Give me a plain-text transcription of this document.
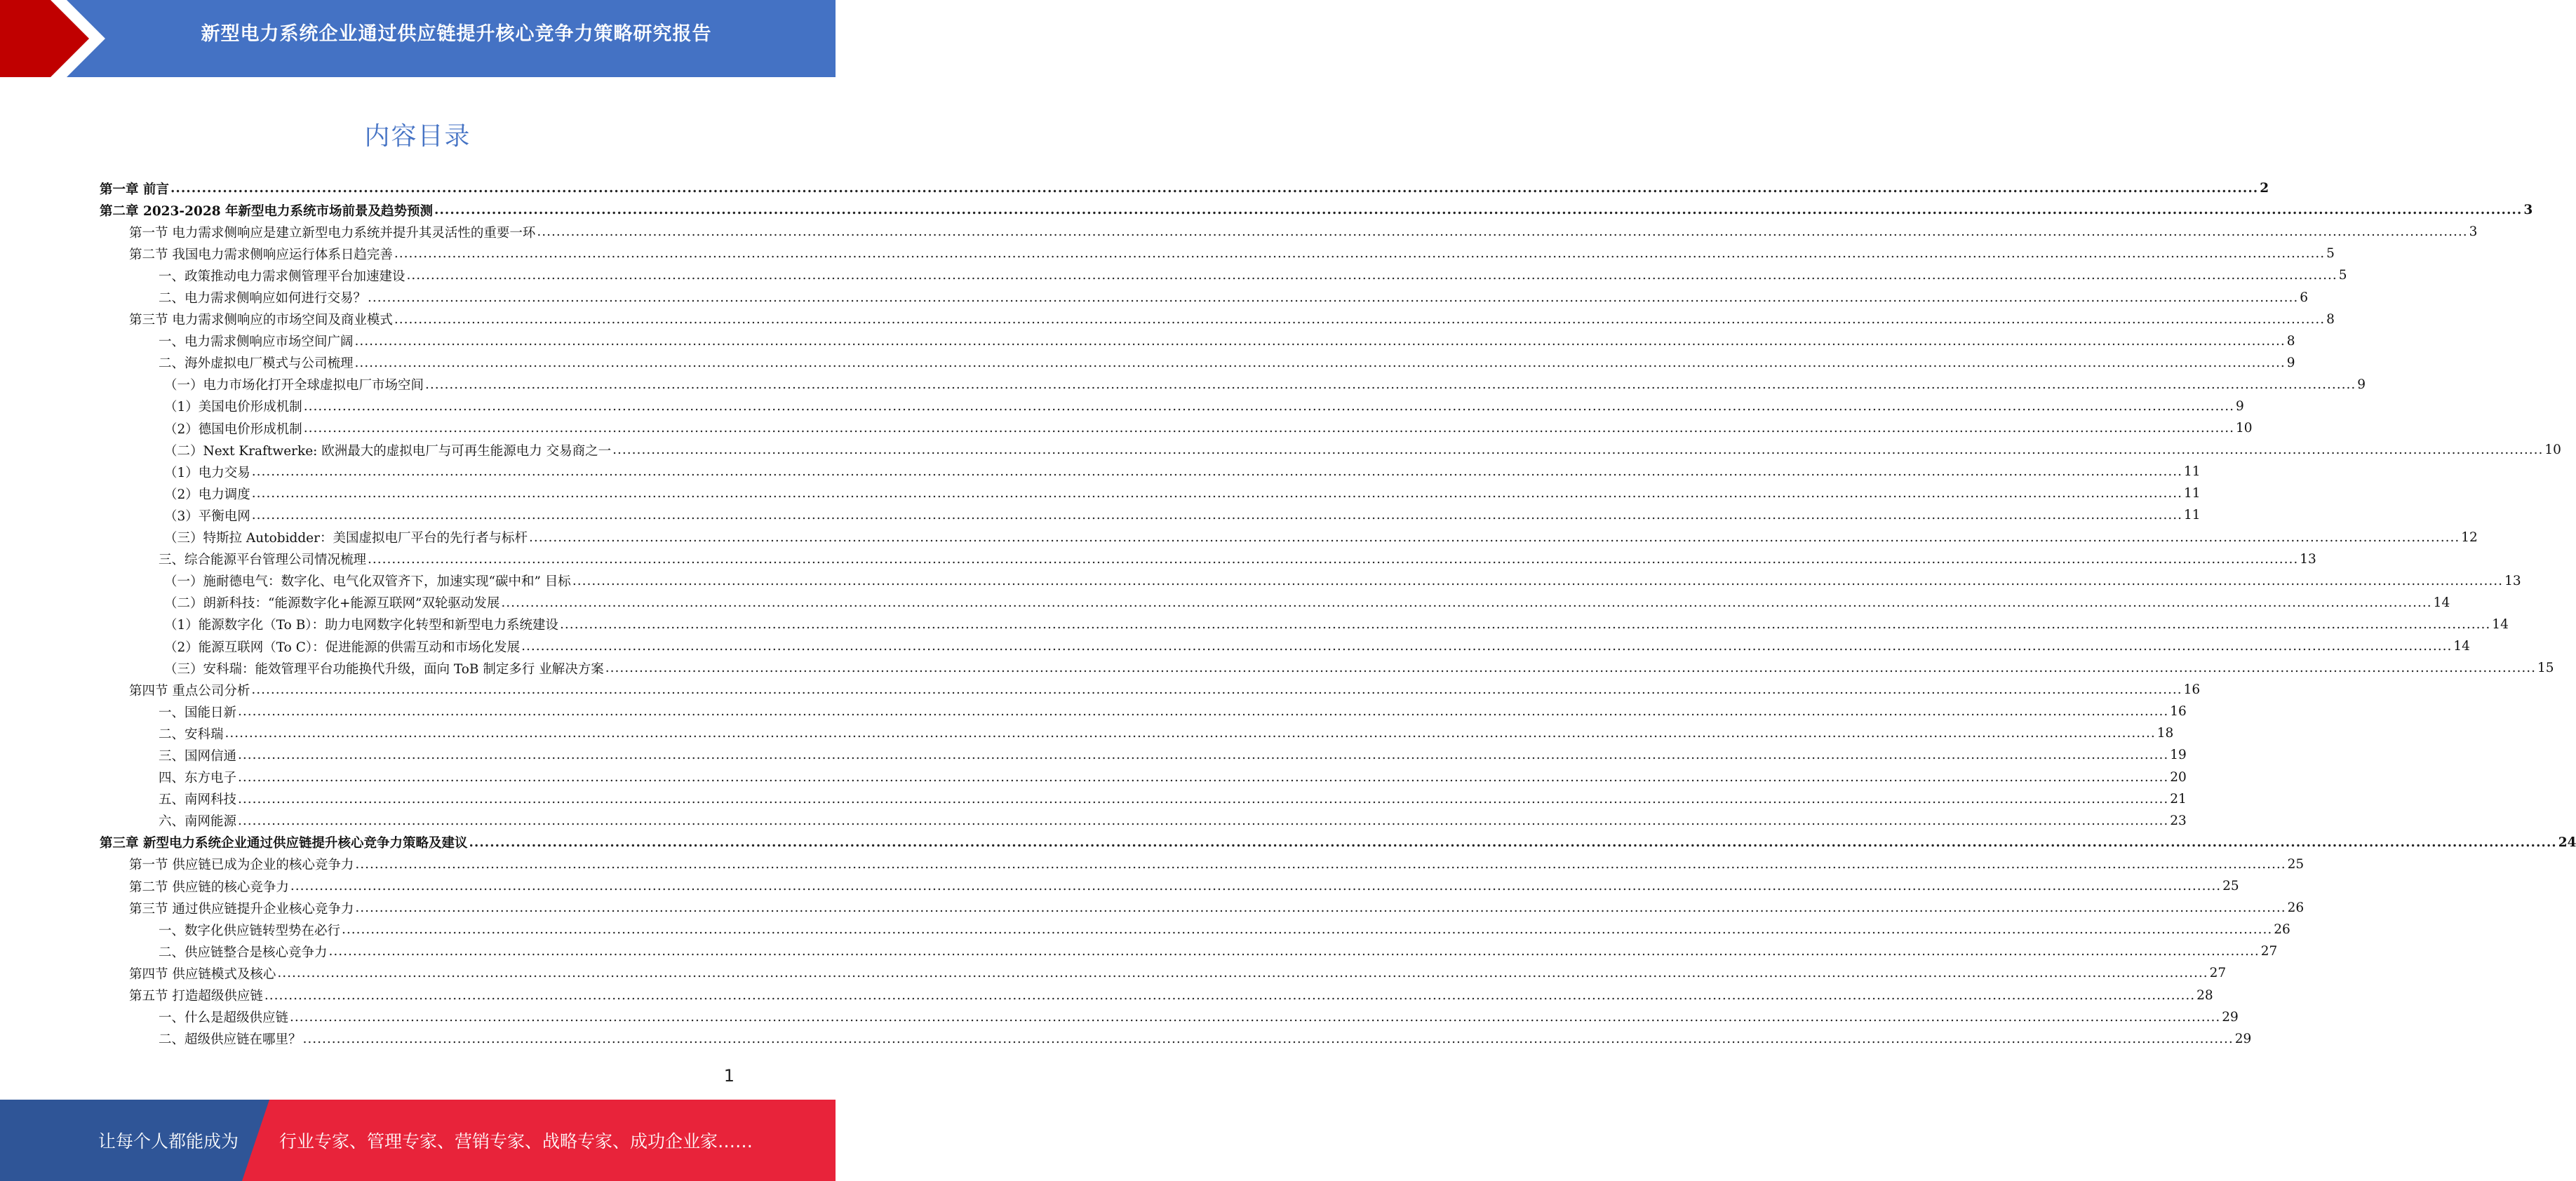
新型电力系统企业通过供应链提升核心竞争力策略研究报告
内容目录
第一章 前言 ................................................................................................................................................................................................................................................................................................................................................................................................................ 2
第二章 2023-2028 年新型电力系统市场前景及趋势预测 ................................................................................................................................................................................................................................................................................................................................................................................................................ 3
第一节 电力需求侧响应是建立新型电力系统并提升其灵活性的重要一环 ................................................................................................................................................................................................................................................................................................................................................................................................................ 3
第二节 我国电力需求侧响应运行体系日趋完善 ................................................................................................................................................................................................................................................................................................................................................................................................................ 5
一、政策推动电力需求侧管理平台加速建设 ................................................................................................................................................................................................................................................................................................................................................................................................................ 5
二、电力需求侧响应如何进行交易？ ................................................................................................................................................................................................................................................................................................................................................................................................................ 6
第三节 电力需求侧响应的市场空间及商业模式 ................................................................................................................................................................................................................................................................................................................................................................................................................ 8
一、电力需求侧响应市场空间广阔 ................................................................................................................................................................................................................................................................................................................................................................................................................ 8
二、海外虚拟电厂模式与公司梳理 ................................................................................................................................................................................................................................................................................................................................................................................................................ 9
（一）电力市场化打开全球虚拟电厂市场空间 ................................................................................................................................................................................................................................................................................................................................................................................................................ 9
（1）美国电价形成机制 ................................................................................................................................................................................................................................................................................................................................................................................................................ 9
（2）德国电价形成机制 ................................................................................................................................................................................................................................................................................................................................................................................................................ 10
（二）Next Kraftwerke: 欧洲最大的虚拟电厂与可再生能源电力 交易商之一 ................................................................................................................................................................................................................................................................................................................................................................................................................ 10
（1）电力交易 ................................................................................................................................................................................................................................................................................................................................................................................................................ 11
（2）电力调度 ................................................................................................................................................................................................................................................................................................................................................................................................................ 11
（3）平衡电网 ................................................................................................................................................................................................................................................................................................................................................................................................................ 11
（三）特斯拉 Autobidder：美国虚拟电厂平台的先行者与标杆 ................................................................................................................................................................................................................................................................................................................................................................................................................ 12
三、综合能源平台管理公司情况梳理 ................................................................................................................................................................................................................................................................................................................................................................................................................ 13
（一）施耐德电气：数字化、电气化双管齐下，加速实现“碳中和” 目标 ................................................................................................................................................................................................................................................................................................................................................................................................................ 13
（二）朗新科技：“能源数字化+能源互联网”双轮驱动发展 ................................................................................................................................................................................................................................................................................................................................................................................................................ 14
（1）能源数字化（To B）：助力电网数字化转型和新型电力系统建设 ................................................................................................................................................................................................................................................................................................................................................................................................................ 14
（2）能源互联网（To C）：促进能源的供需互动和市场化发展 ................................................................................................................................................................................................................................................................................................................................................................................................................ 14
（三）安科瑞：能效管理平台功能换代升级，面向 ToB 制定多行 业解决方案 ................................................................................................................................................................................................................................................................................................................................................................................................................ 15
第四节 重点公司分析 ................................................................................................................................................................................................................................................................................................................................................................................................................ 16
一、国能日新 ................................................................................................................................................................................................................................................................................................................................................................................................................ 16
二、安科瑞 ................................................................................................................................................................................................................................................................................................................................................................................................................ 18
三、国网信通 ................................................................................................................................................................................................................................................................................................................................................................................................................ 19
四、东方电子 ................................................................................................................................................................................................................................................................................................................................................................................................................ 20
五、南网科技 ................................................................................................................................................................................................................................................................................................................................................................................................................ 21
六、南网能源 ................................................................................................................................................................................................................................................................................................................................................................................................................ 23
第三章 新型电力系统企业通过供应链提升核心竞争力策略及建议 ................................................................................................................................................................................................................................................................................................................................................................................................................ 24
第一节 供应链已成为企业的核心竞争力 ................................................................................................................................................................................................................................................................................................................................................................................................................ 25
第二节 供应链的核心竞争力 ................................................................................................................................................................................................................................................................................................................................................................................................................ 25
第三节 通过供应链提升企业核心竞争力 ................................................................................................................................................................................................................................................................................................................................................................................................................ 26
一、数字化供应链转型势在必行 ................................................................................................................................................................................................................................................................................................................................................................................................................ 26
二、供应链整合是核心竞争力 ................................................................................................................................................................................................................................................................................................................................................................................................................ 27
第四节 供应链模式及核心 ................................................................................................................................................................................................................................................................................................................................................................................................................ 27
第五节 打造超级供应链 ................................................................................................................................................................................................................................................................................................................................................................................................................ 28
一、什么是超级供应链 ................................................................................................................................................................................................................................................................................................................................................................................................................ 29
二、超级供应链在哪里？ ................................................................................................................................................................................................................................................................................................................................................................................................................ 29
1
让每个人都能成为 行业专家、管理专家、营销专家、战略专家、成功企业家……
